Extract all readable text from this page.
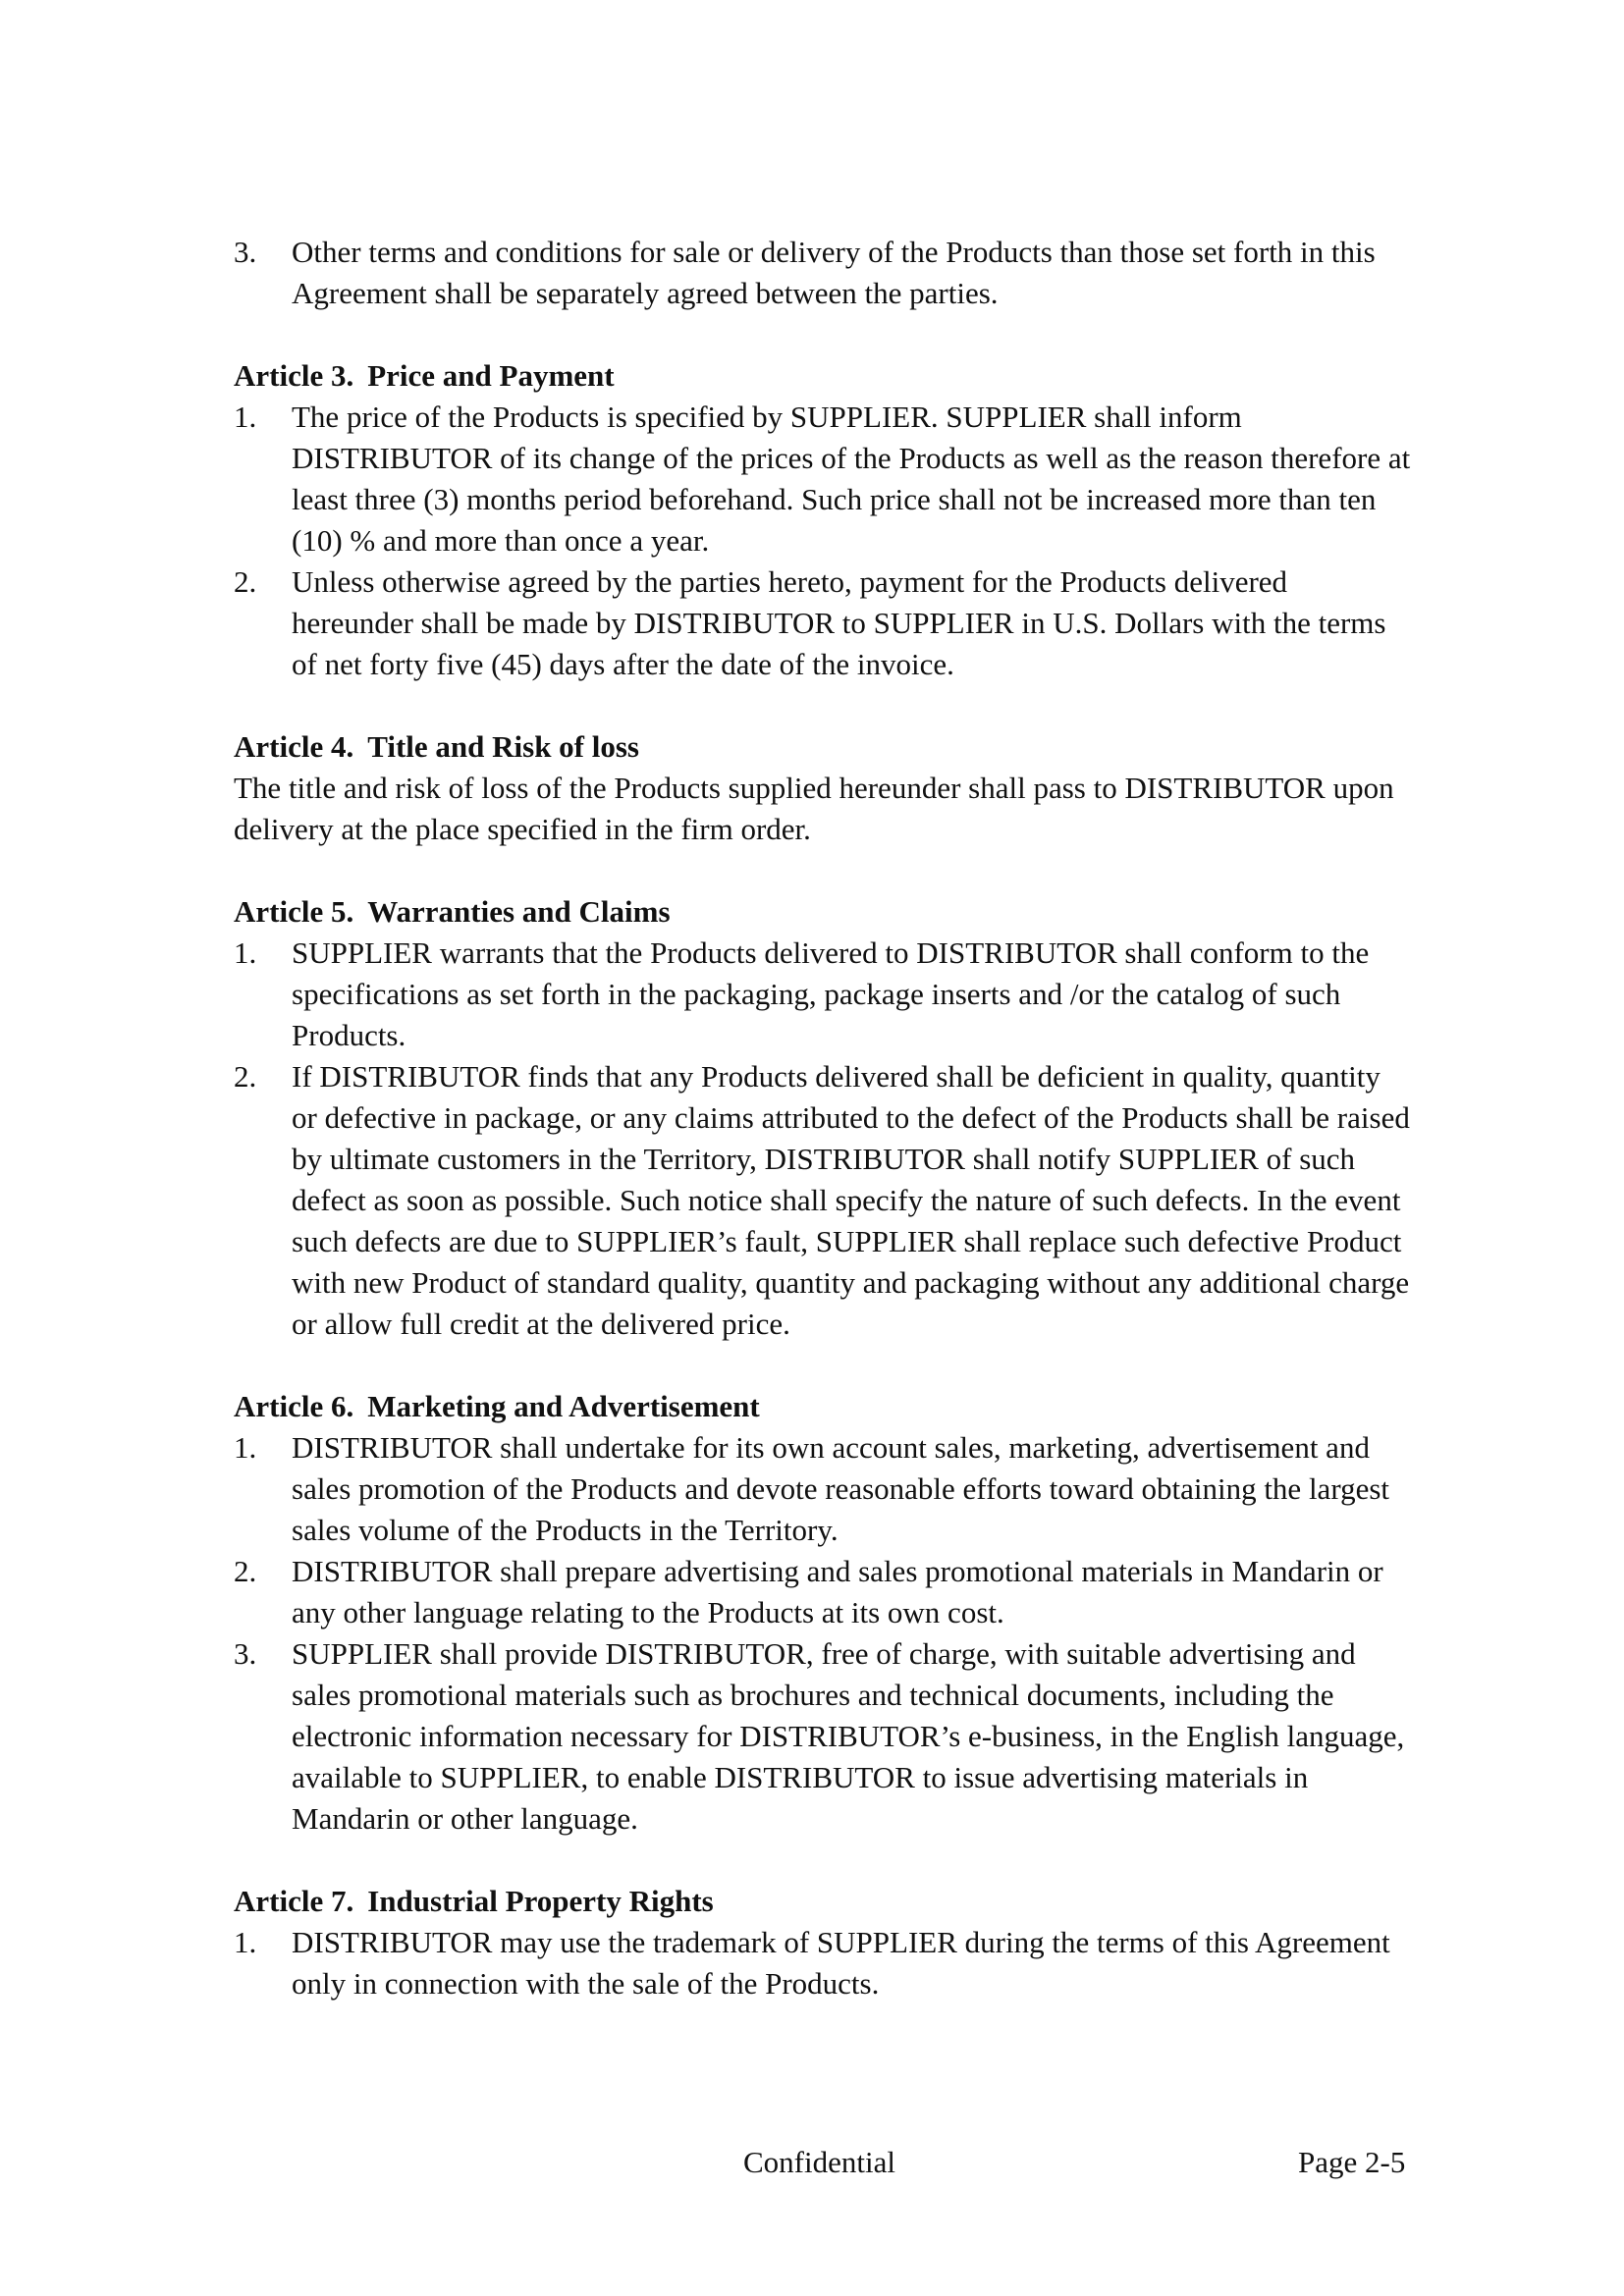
3.	Other terms and conditions for sale or delivery of the Products than those set forth in this Agreement shall be separately agreed between the parties.

Article 3. Price and Payment

1.	The price of the Products is specified by SUPPLIER. SUPPLIER shall inform DISTRIBUTOR of its change of the prices of the Products as well as the reason therefore at least three (3) months period beforehand. Such price shall not be increased more than ten (10) % and more than once a year.
2.	Unless otherwise agreed by the parties hereto, payment for the Products delivered hereunder shall be made by DISTRIBUTOR to SUPPLIER in U.S. Dollars with the terms of net forty five (45) days after the date of the invoice.

Article 4. Title and Risk of loss

The title and risk of loss of the Products supplied hereunder shall pass to DISTRIBUTOR upon delivery at the place specified in the firm order.

Article 5. Warranties and Claims

1.	SUPPLIER warrants that the Products delivered to DISTRIBUTOR shall conform to the specifications as set forth in the packaging, package inserts and /or the catalog of such Products.
2.	If DISTRIBUTOR finds that any Products delivered shall be deficient in quality, quantity or defective in package, or any claims attributed to the defect of the Products shall be raised by ultimate customers in the Territory, DISTRIBUTOR shall notify SUPPLIER of such defect as soon as possible. Such notice shall specify the nature of such defects. In the event such defects are due to SUPPLIER’s fault, SUPPLIER shall replace such defective Product with new Product of standard quality, quantity and packaging without any additional charge or allow full credit at the delivered price.

Article 6. Marketing and Advertisement

1.	DISTRIBUTOR shall undertake for its own account sales, marketing, advertisement and sales promotion of the Products and devote reasonable efforts toward obtaining the largest sales volume of the Products in the Territory.
2.	DISTRIBUTOR shall prepare advertising and sales promotional materials in Mandarin or any other language relating to the Products at its own cost.
3.	SUPPLIER shall provide DISTRIBUTOR, free of charge, with suitable advertising and sales promotional materials such as brochures and technical documents, including the electronic information necessary for DISTRIBUTOR’s e-business, in the English language, available to SUPPLIER, to enable DISTRIBUTOR to issue advertising materials in Mandarin or other language.

Article 7. Industrial Property Rights

1.	DISTRIBUTOR may use the trademark of SUPPLIER during the terms of this Agreement only in connection with the sale of the Products.
Confidential	Page 2-5
